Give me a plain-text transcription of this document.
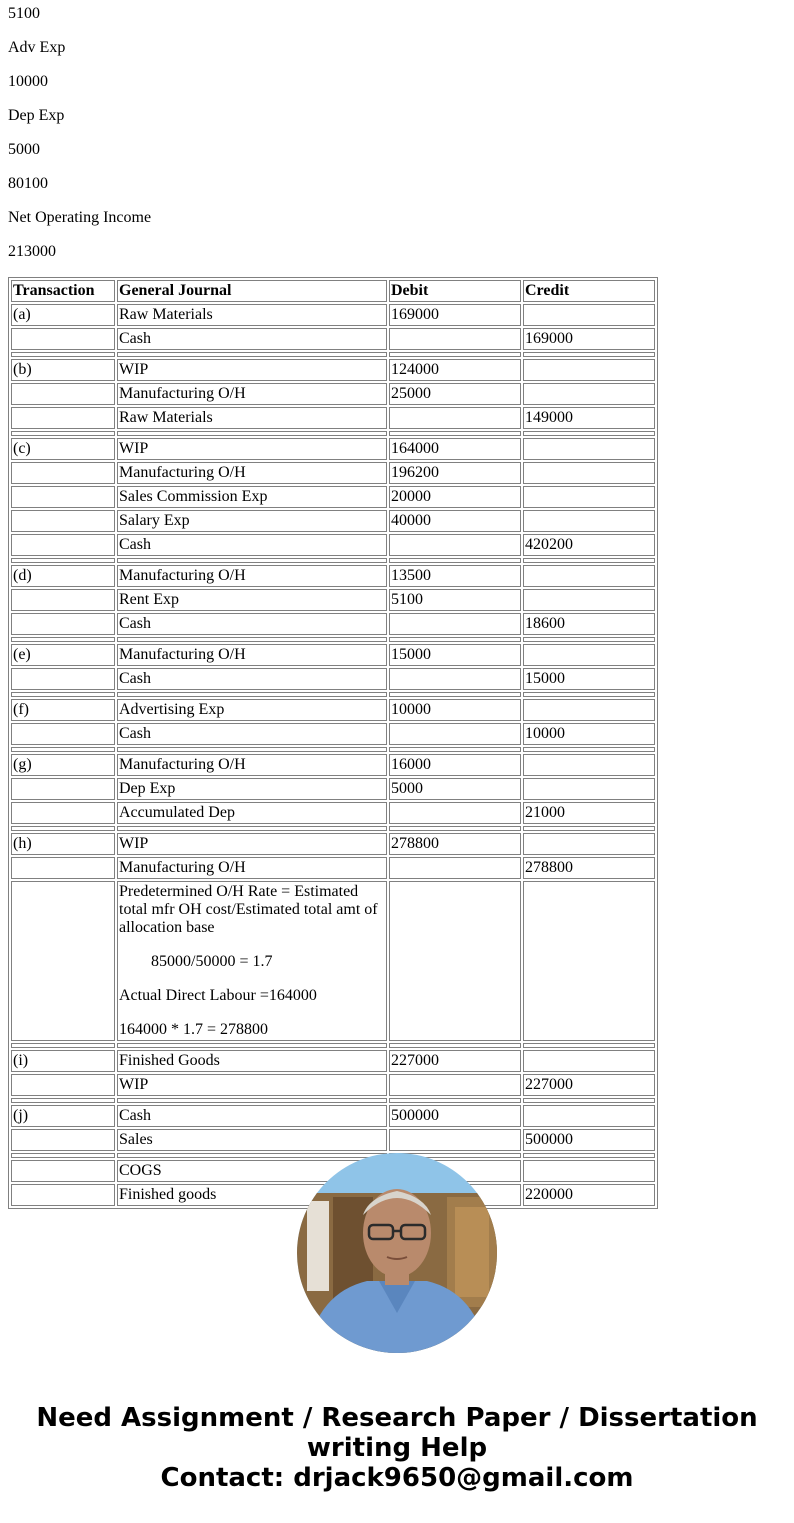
5100

Adv Exp

10000

Dep Exp

5000

80100

Net Operating Income

213000

Transaction	General Journal	Debit	Credit
(a)	Raw Materials	169000	
	Cash		169000

(b)	WIP	124000	
	Manufacturing O/H	25000	
	Raw Materials		149000

(c)	WIP	164000	
	Manufacturing O/H	196200	
	Sales Commission Exp	20000	
	Salary Exp	40000	
	Cash		420200

(d)	Manufacturing O/H	13500	
	Rent Exp	5100	
	Cash		18600

(e)	Manufacturing O/H	15000	
	Cash		15000

(f)	Advertising Exp	10000	
	Cash		10000

(g)	Manufacturing O/H	16000	
	Dep Exp	5000	
	Accumulated Dep		21000

(h)	WIP	278800	
	Manufacturing O/H		278800

	Predetermined O/H Rate = Estimated total mfr OH cost/Estimated total amt of allocation base
85000/50000 = 1.7
Actual Direct Labour =164000
164000 * 1.7 = 278800		

(i)	Finished Goods	227000	
	WIP		227000

(j)	Cash	500000	
	Sales		500000

	COGS		
	Finished goods		220000
Need Assignment / Research Paper / Dissertation
writing Help
Contact: drjack9650@gmail.com
